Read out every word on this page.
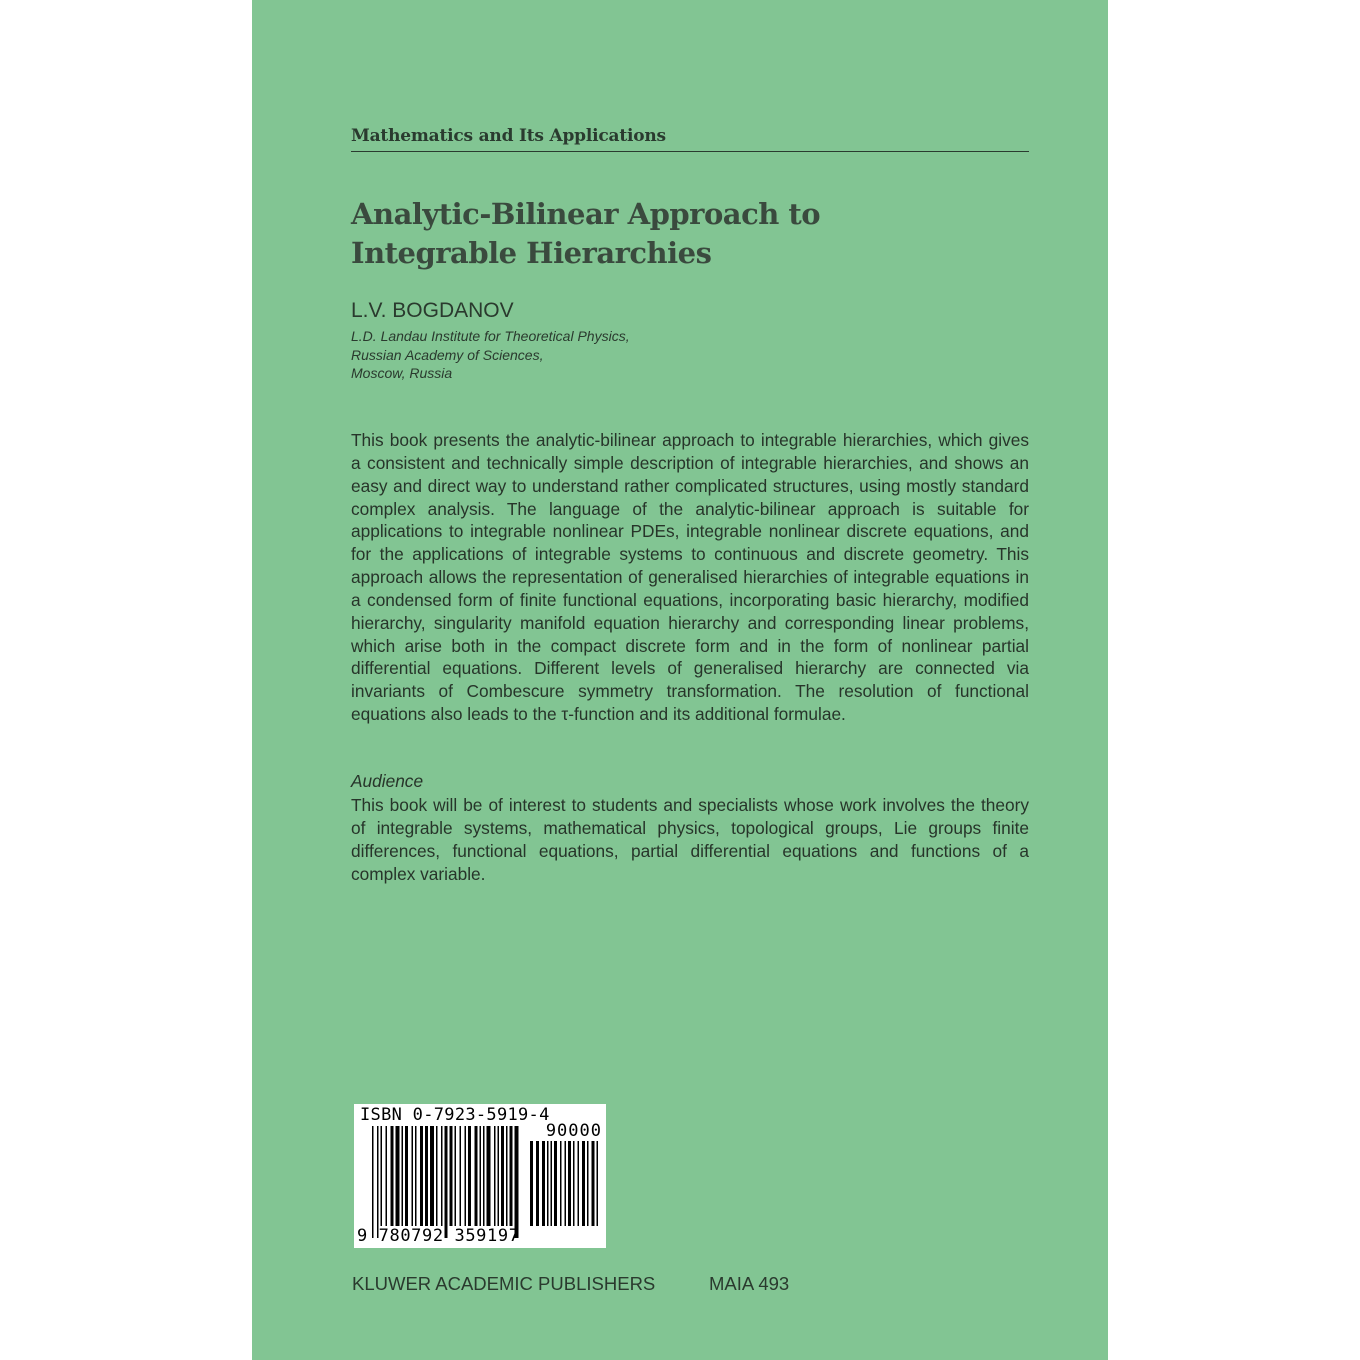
Mathematics and Its Applications
Analytic-Bilinear Approach to Integrable Hierarchies
L.V. BOGDANOV
L.D. Landau Institute for Theoretical Physics,
Russian Academy of Sciences,
Moscow, Russia
This book presents the analytic-bilinear approach to integrable hierarchies, which gives a consistent and technically simple description of integrable hierarchies, and shows an easy and direct way to understand rather complicated structures, using mostly standard complex analysis. The language of the analytic-bilinear approach is suitable for applications to integrable nonlinear PDEs, integrable nonlinear discrete equations, and for the applications of integrable systems to continuous and discrete geometry. This approach allows the representation of generalised hierarchies of integrable equations in a condensed form of finite functional equations, incorporating basic hierarchy, modified hierarchy, singularity manifold equation hierarchy and corresponding linear problems, which arise both in the compact discrete form and in the form of nonlinear partial differential equations. Different levels of generalised hierarchy are connected via invariants of Combescure symmetry transformation. The resolution of functional equations also leads to the τ-function and its additional formulae.
Audience
This book will be of interest to students and specialists whose work involves the theory of integrable systems, mathematical physics, topological groups, Lie groups finite differences, functional equations, partial differential equations and functions of a complex variable.
ISBN 0-7923-5919-4
90000
9 780792 359197
KLUWER ACADEMIC PUBLISHERS	MAIA 493
